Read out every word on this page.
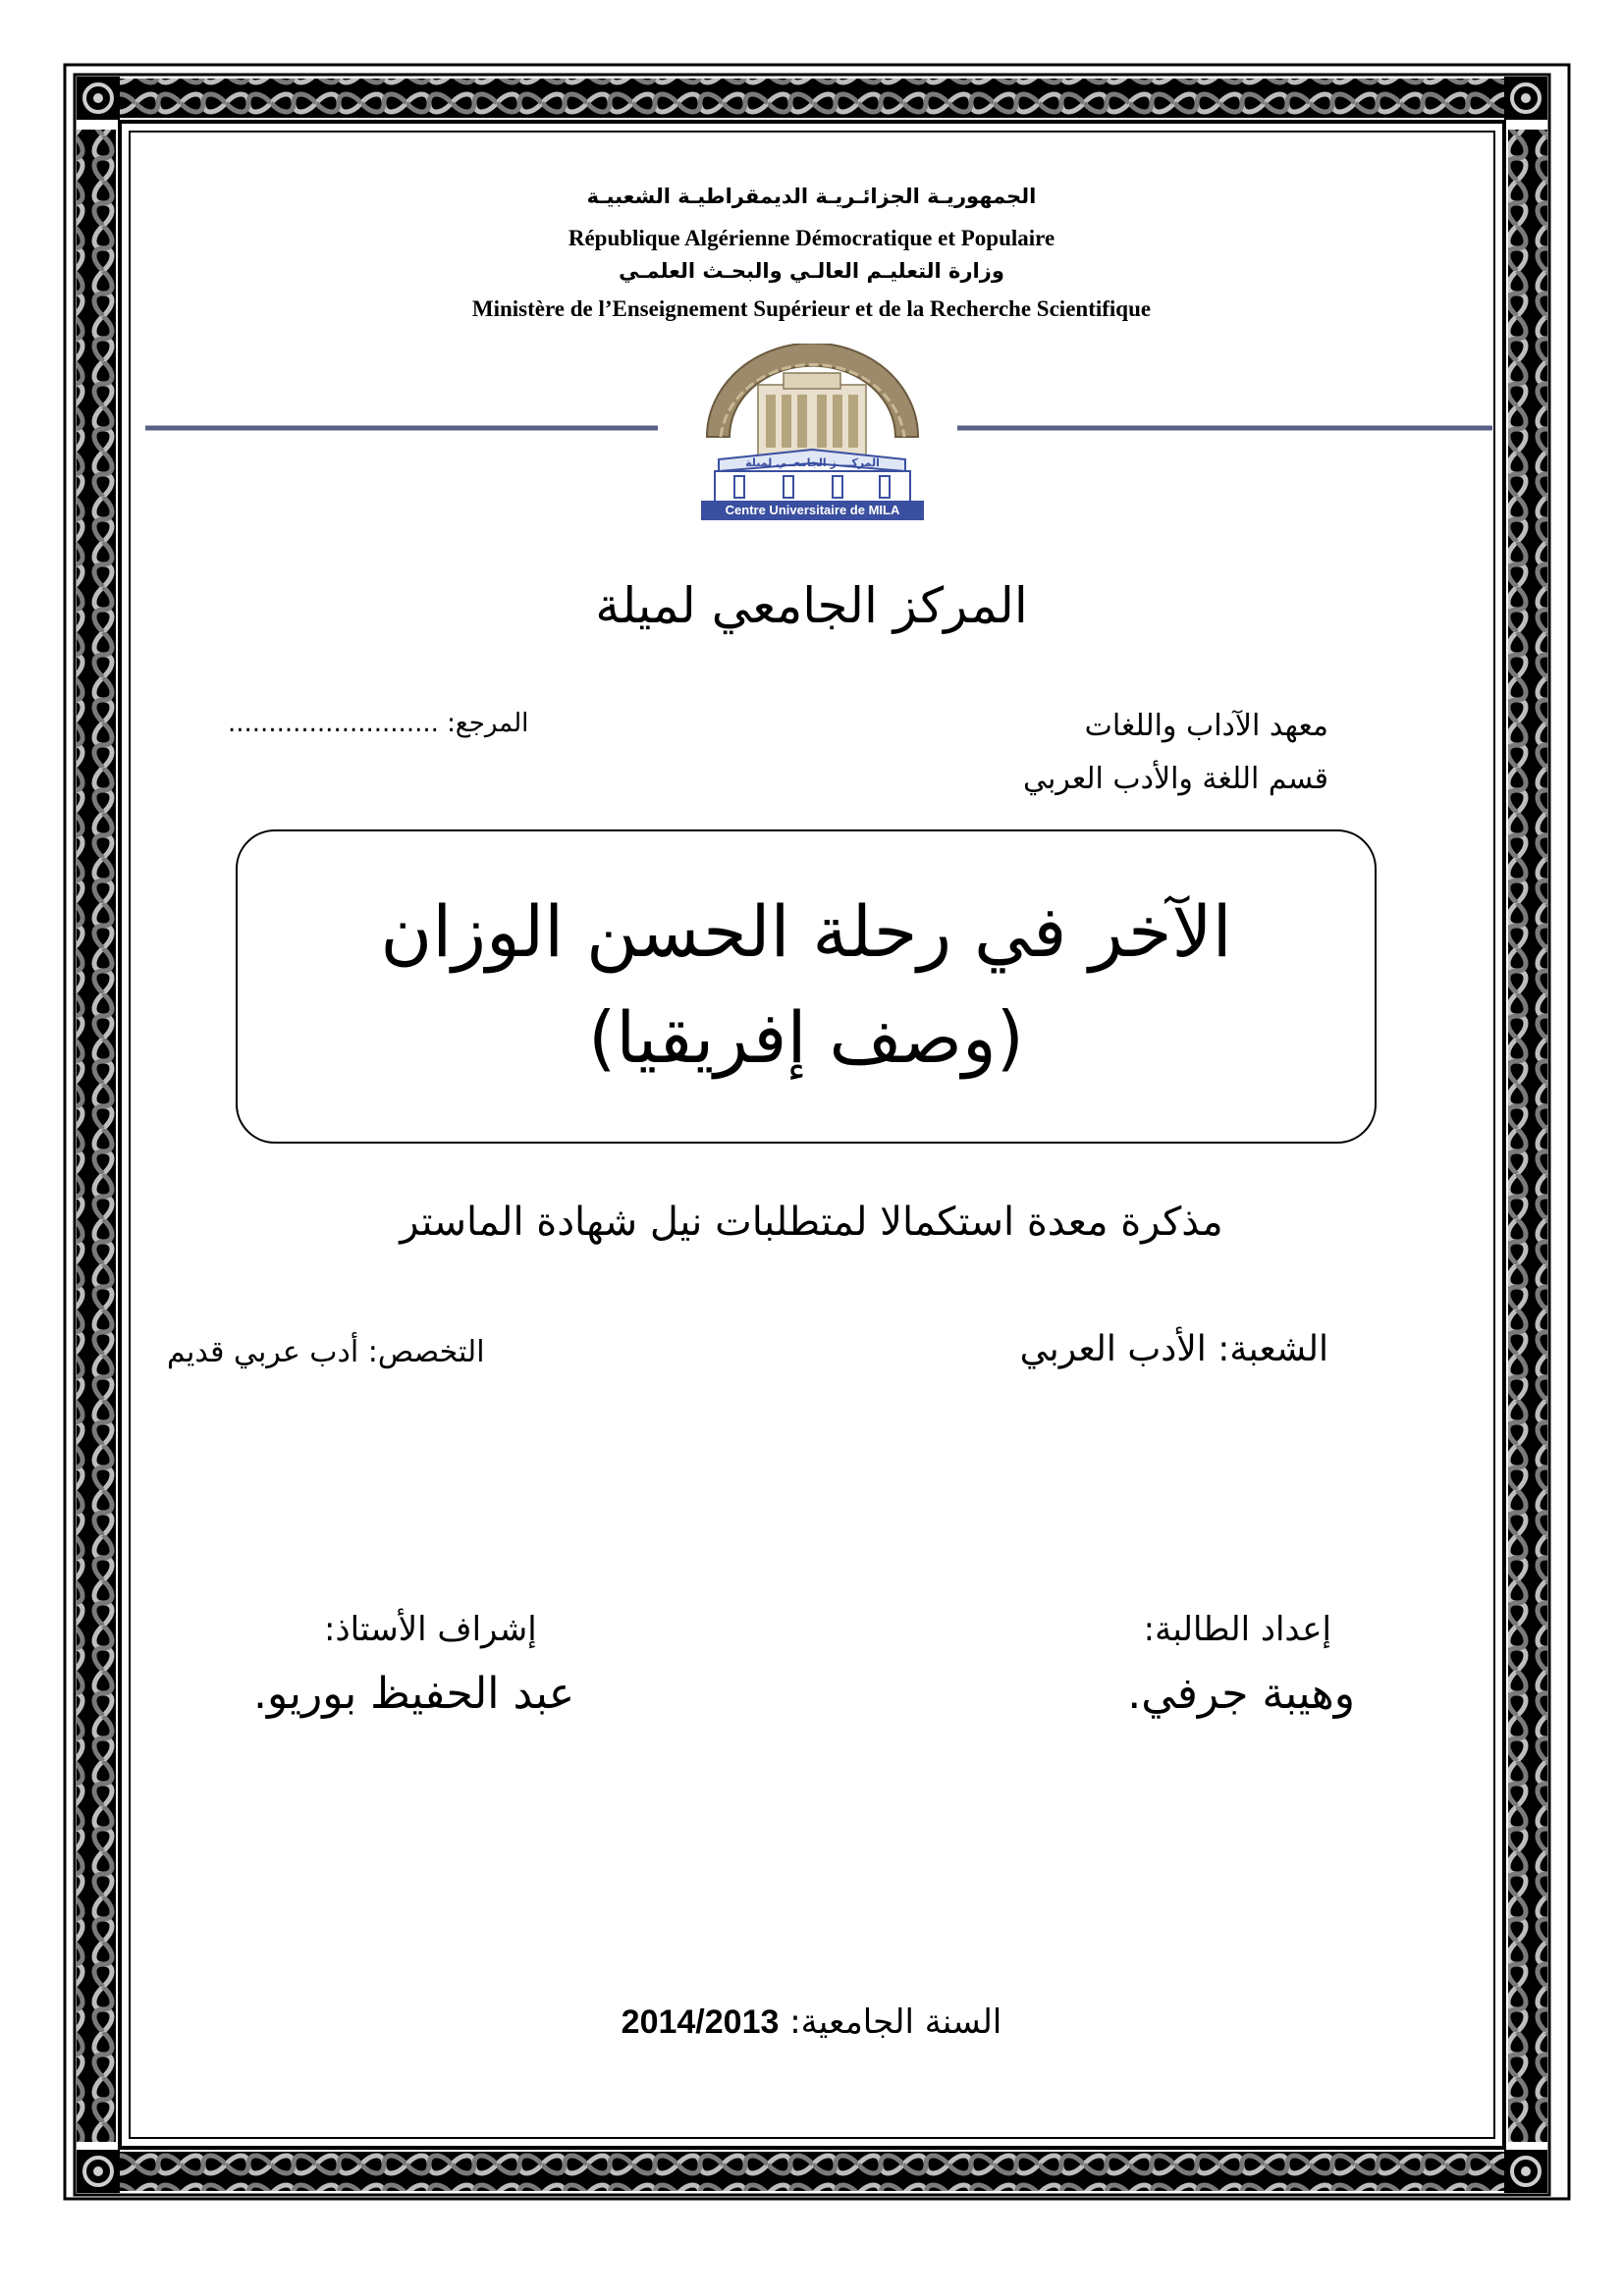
الجمهوريـة الجزائـريـة الديمقراطيـة الشعبيـة
République Algérienne Démocratique et Populaire
وزارة التعليـم العالـي والبحـث العلمـي
Ministère de l’Enseignement Supérieur et de la Recherche Scientifique
المركــــز الجامعــي لميلة
Centre Universitaire de MILA
المركز الجامعي لميلة
معهد الآداب واللغات
قسم اللغة والأدب العربي
المرجع: ..........................
الآخر في رحلة الحسن الوزان
(وصف إفريقيا)
مذكرة معدة استكمالا لمتطلبات نيل شهادة الماستر
الشعبة: الأدب العربي
التخصص: أدب عربي قديم
إعداد الطالبة:
وهيبة جرفي.
إشراف الأستاذ:
عبد الحفيظ بوريو.
السنة الجامعية: 2014/2013
